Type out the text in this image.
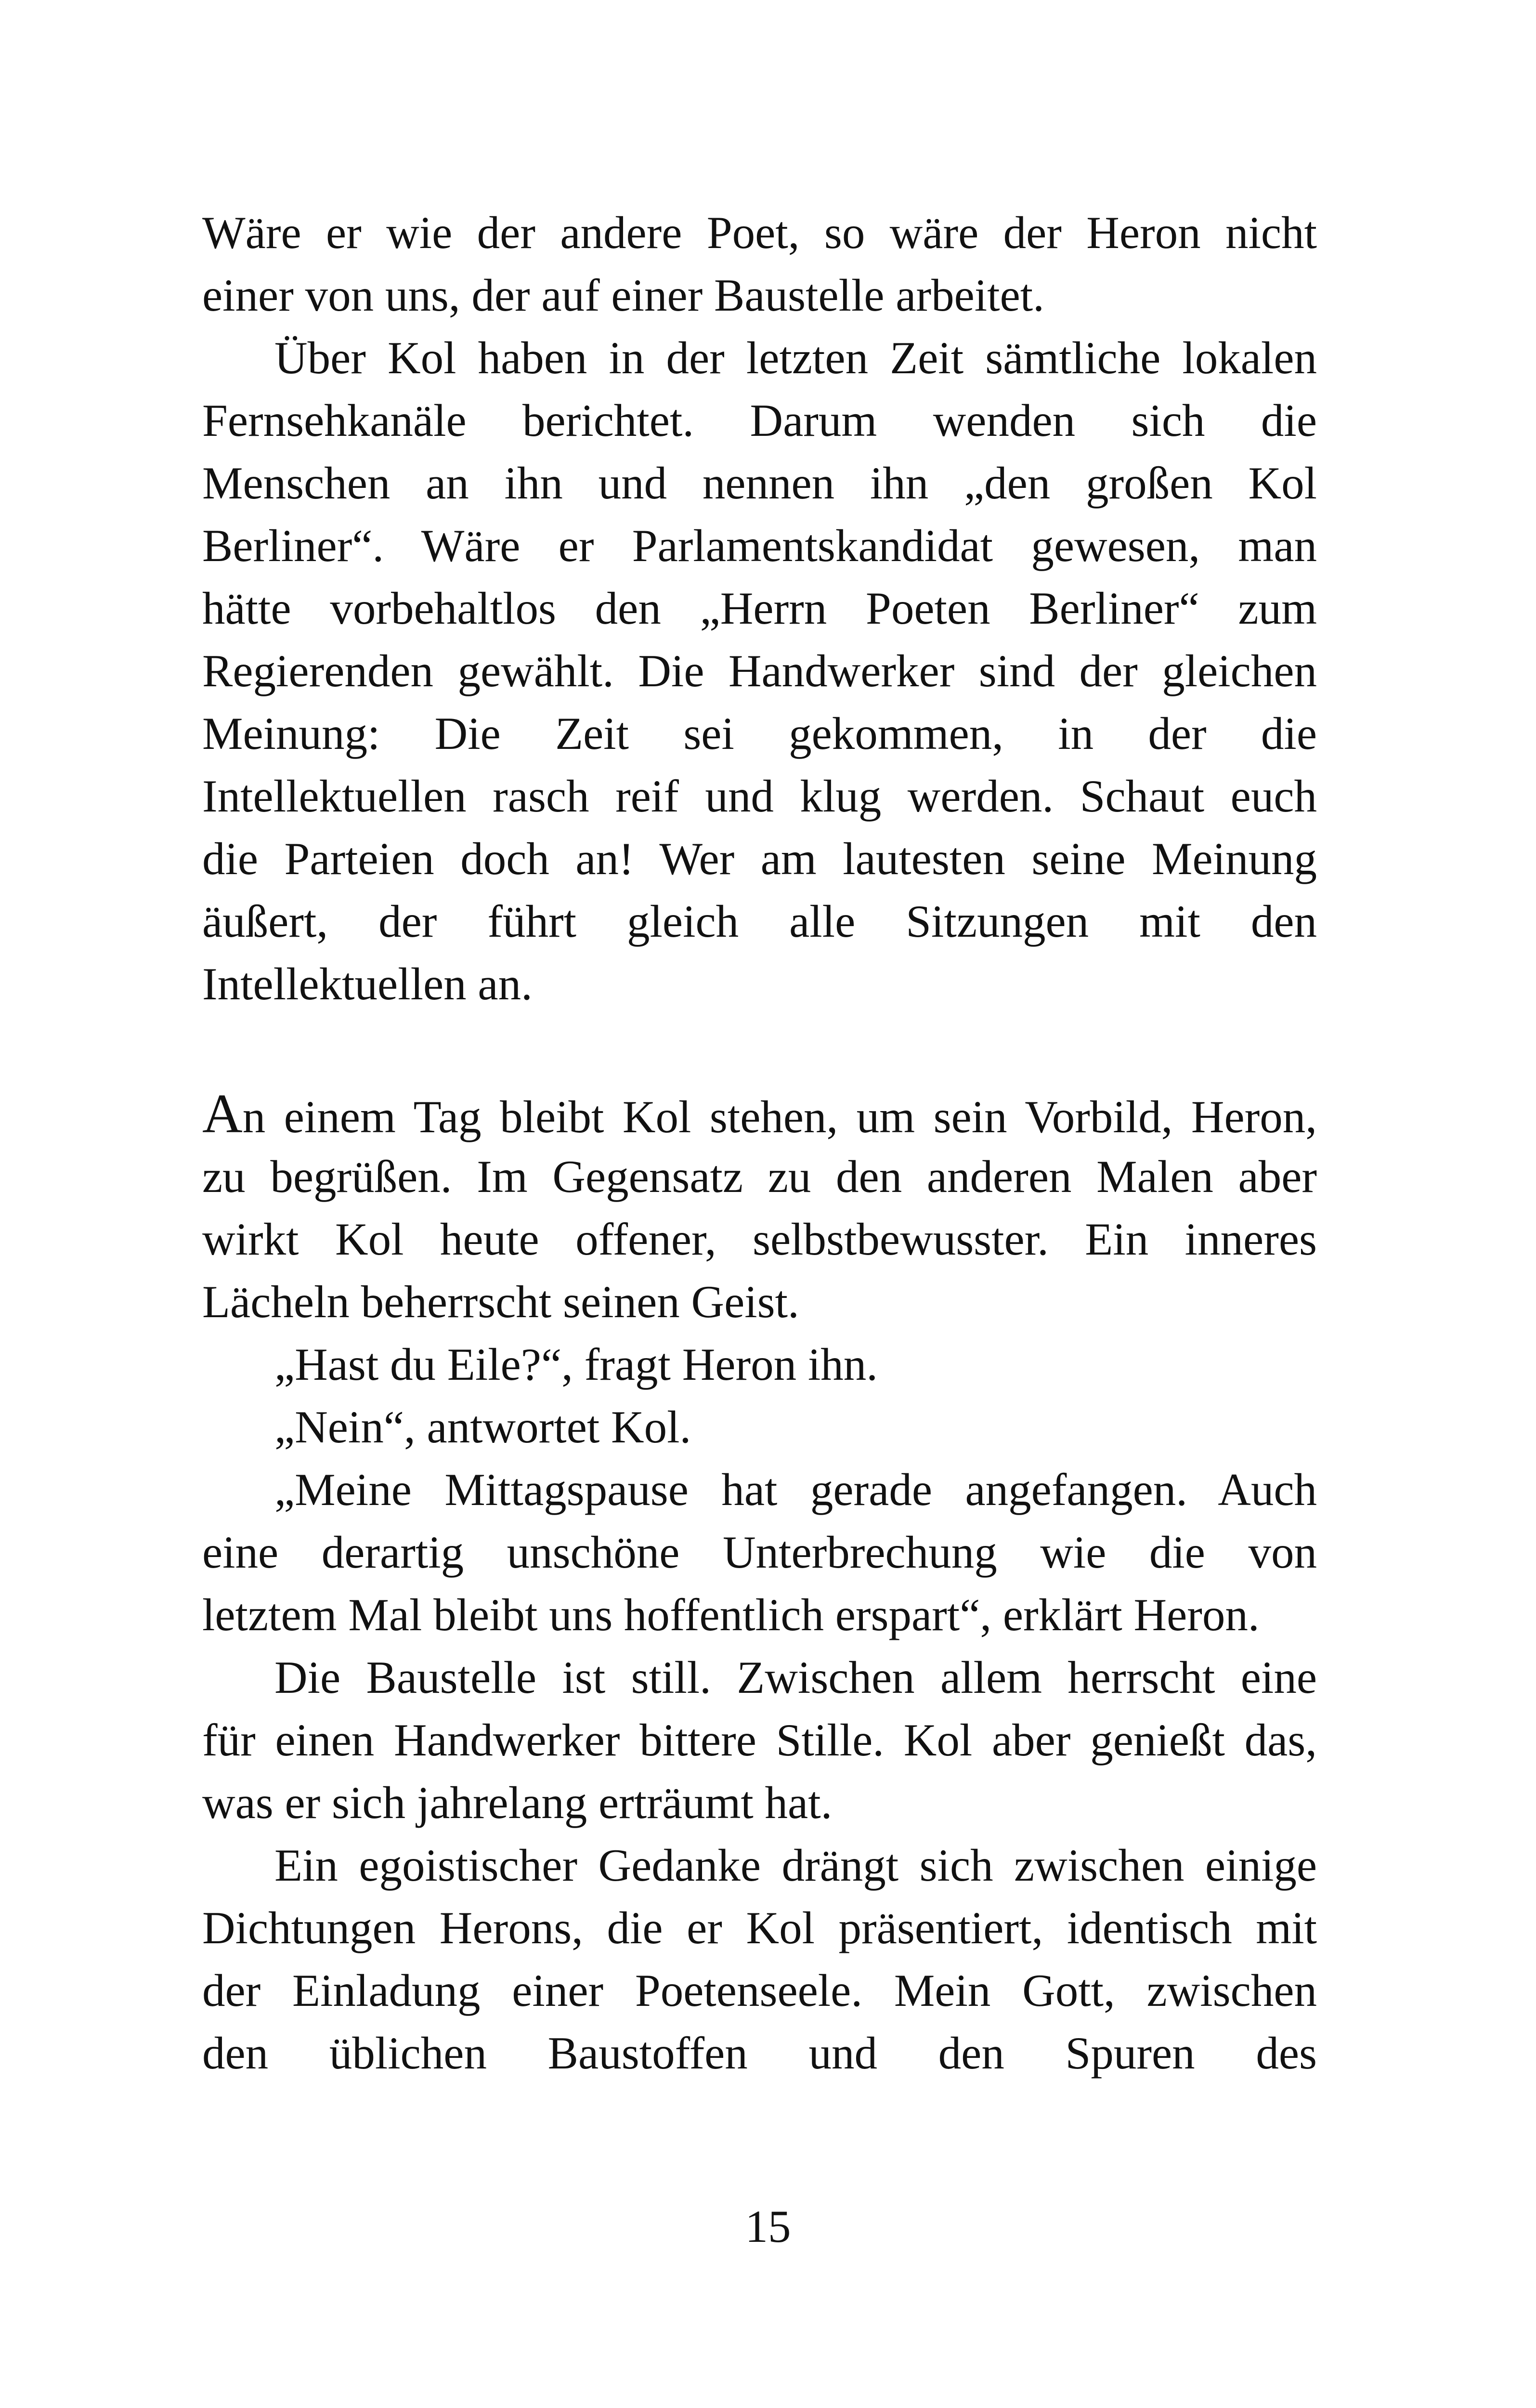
Wäre er wie der andere Poet, so wäre der Heron nicht
einer von uns, der auf einer Baustelle arbeitet.
Über Kol haben in der letzten Zeit sämtliche lokalen
Fernsehkanäle berichtet. Darum wenden sich die
Menschen an ihn und nennen ihn „den großen Kol
Berliner“. Wäre er Parlamentskandidat gewesen, man
hätte vorbehaltlos den „Herrn Poeten Berliner“ zum
Regierenden gewählt. Die Handwerker sind der gleichen
Meinung: Die Zeit sei gekommen, in der die
Intellektuellen rasch reif und klug werden. Schaut euch
die Parteien doch an! Wer am lautesten seine Meinung
äußert, der führt gleich alle Sitzungen mit den
Intellektuellen an.
An einem Tag bleibt Kol stehen, um sein Vorbild, Heron,
zu begrüßen. Im Gegensatz zu den anderen Malen aber
wirkt Kol heute offener, selbstbewusster. Ein inneres
Lächeln beherrscht seinen Geist.
„Hast du Eile?“, fragt Heron ihn.
„Nein“, antwortet Kol.
„Meine Mittagspause hat gerade angefangen. Auch
eine derartig unschöne Unterbrechung wie die von
letztem Mal bleibt uns hoffentlich erspart“, erklärt Heron.
Die Baustelle ist still. Zwischen allem herrscht eine
für einen Handwerker bittere Stille. Kol aber genießt das,
was er sich jahrelang erträumt hat.
Ein egoistischer Gedanke drängt sich zwischen einige
Dichtungen Herons, die er Kol präsentiert, identisch mit
der Einladung einer Poetenseele. Mein Gott, zwischen
den üblichen Baustoffen und den Spuren des
15
